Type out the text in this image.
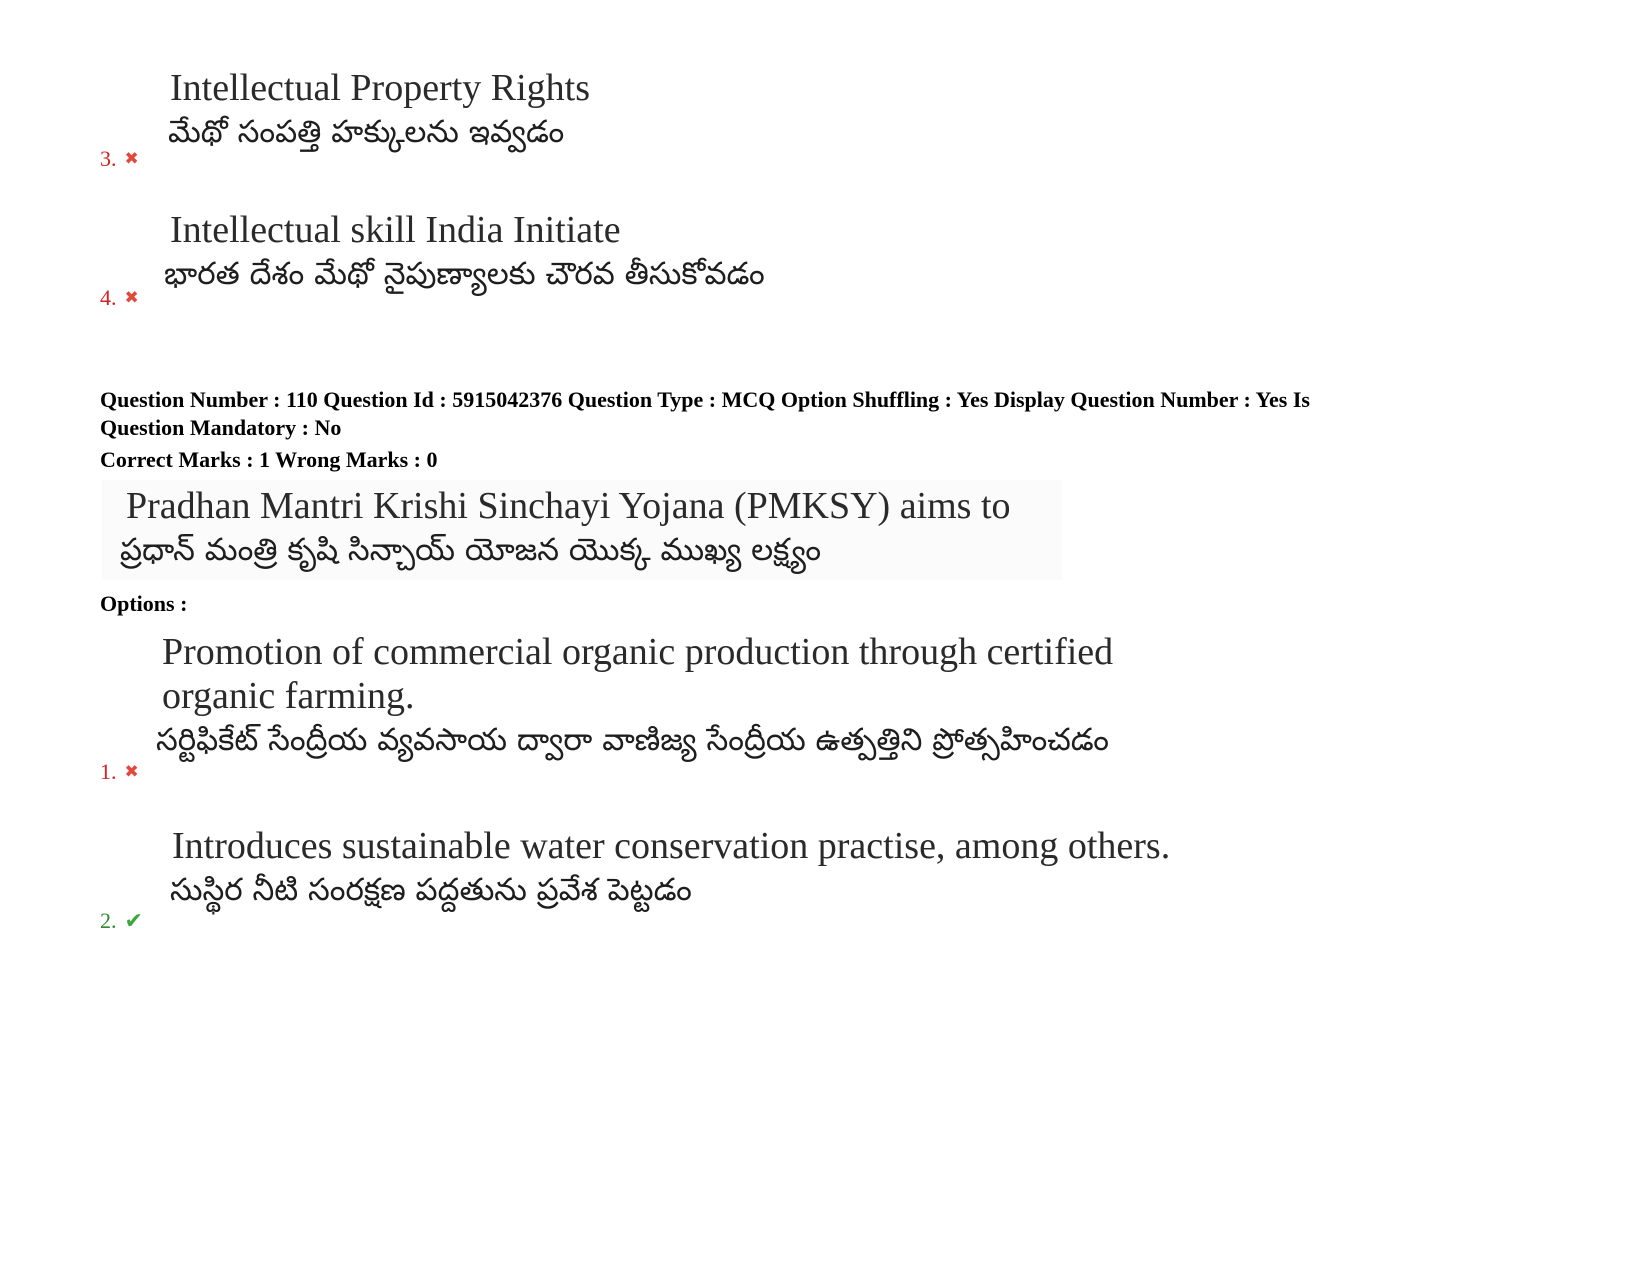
Intellectual Property Rights
మేథో సంపత్తి హక్కులను ఇవ్వడం
3. ✖
Intellectual skill India Initiate
భారత దేశం మేథో నైపుణ్యాలకు చౌరవ తీసుకోవడం
4. ✖
Question Number : 110 Question Id : 5915042376 Question Type : MCQ Option Shuffling : Yes Display Question Number : Yes Is
Question Mandatory : No
Correct Marks : 1 Wrong Marks : 0
Pradhan Mantri Krishi Sinchayi Yojana (PMKSY) aims to
ప్రధాన్ మంత్రి కృషి సిన్చాయ్ యోజన యొక్క ముఖ్య లక్ష్యం
Options :
Promotion of commercial organic production through certified
organic farming.
సర్టిఫికేట్ సేంద్రీయ వ్యవసాయ ద్వారా వాణిజ్య సేంద్రీయ ఉత్పత్తిని ప్రోత్సహించడం
1. ✖
Introduces sustainable water conservation practise, among others.
సుస్థిర నీటి సంరక్షణ పద్దతును ప్రవేశ పెట్టడం
2. ✔
